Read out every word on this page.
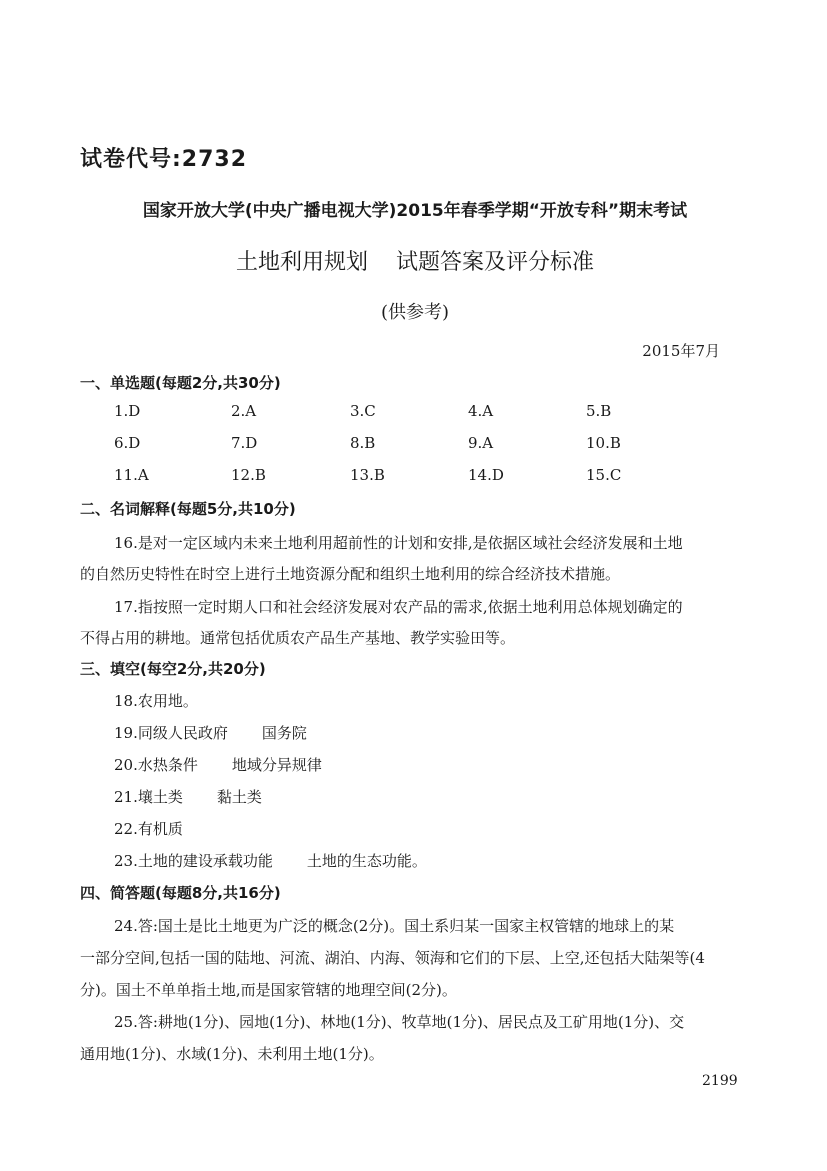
试卷代号:2732
国家开放大学(中央广播电视大学)2015年春季学期“开放专科”期末考试
土地利用规划 试题答案及评分标准
(供参考)
2015年7月
一、单选题(每题2分,共30分)
1.D	2.A	3.C	4.A	5.B
6.D	7.D	8.B	9.A	10.B
11.A	12.B	13.B	14.D	15.C
二、名词解释(每题5分,共10分)
16.是对一定区域内未来土地利用超前性的计划和安排,是依据区域社会经济发展和土地
的自然历史特性在时空上进行土地资源分配和组织土地利用的综合经济技术措施。
17.指按照一定时期人口和社会经济发展对农产品的需求,依据土地利用总体规划确定的
不得占用的耕地。通常包括优质农产品生产基地、教学实验田等。
三、填空(每空2分,共20分)
18.农用地。
19.同级人民政府 国务院
20.水热条件 地域分异规律
21.壤土类 黏土类
22.有机质
23.土地的建设承载功能 土地的生态功能。
四、简答题(每题8分,共16分)
24.答:国土是比土地更为广泛的概念(2分)。国土系归某一国家主权管辖的地球上的某
一部分空间,包括一国的陆地、河流、湖泊、内海、领海和它们的下层、上空,还包括大陆架等(4
分)。国土不单单指土地,而是国家管辖的地理空间(2分)。
25.答:耕地(1分)、园地(1分)、林地(1分)、牧草地(1分)、居民点及工矿用地(1分)、交
通用地(1分)、水域(1分)、未利用土地(1分)。
2199
